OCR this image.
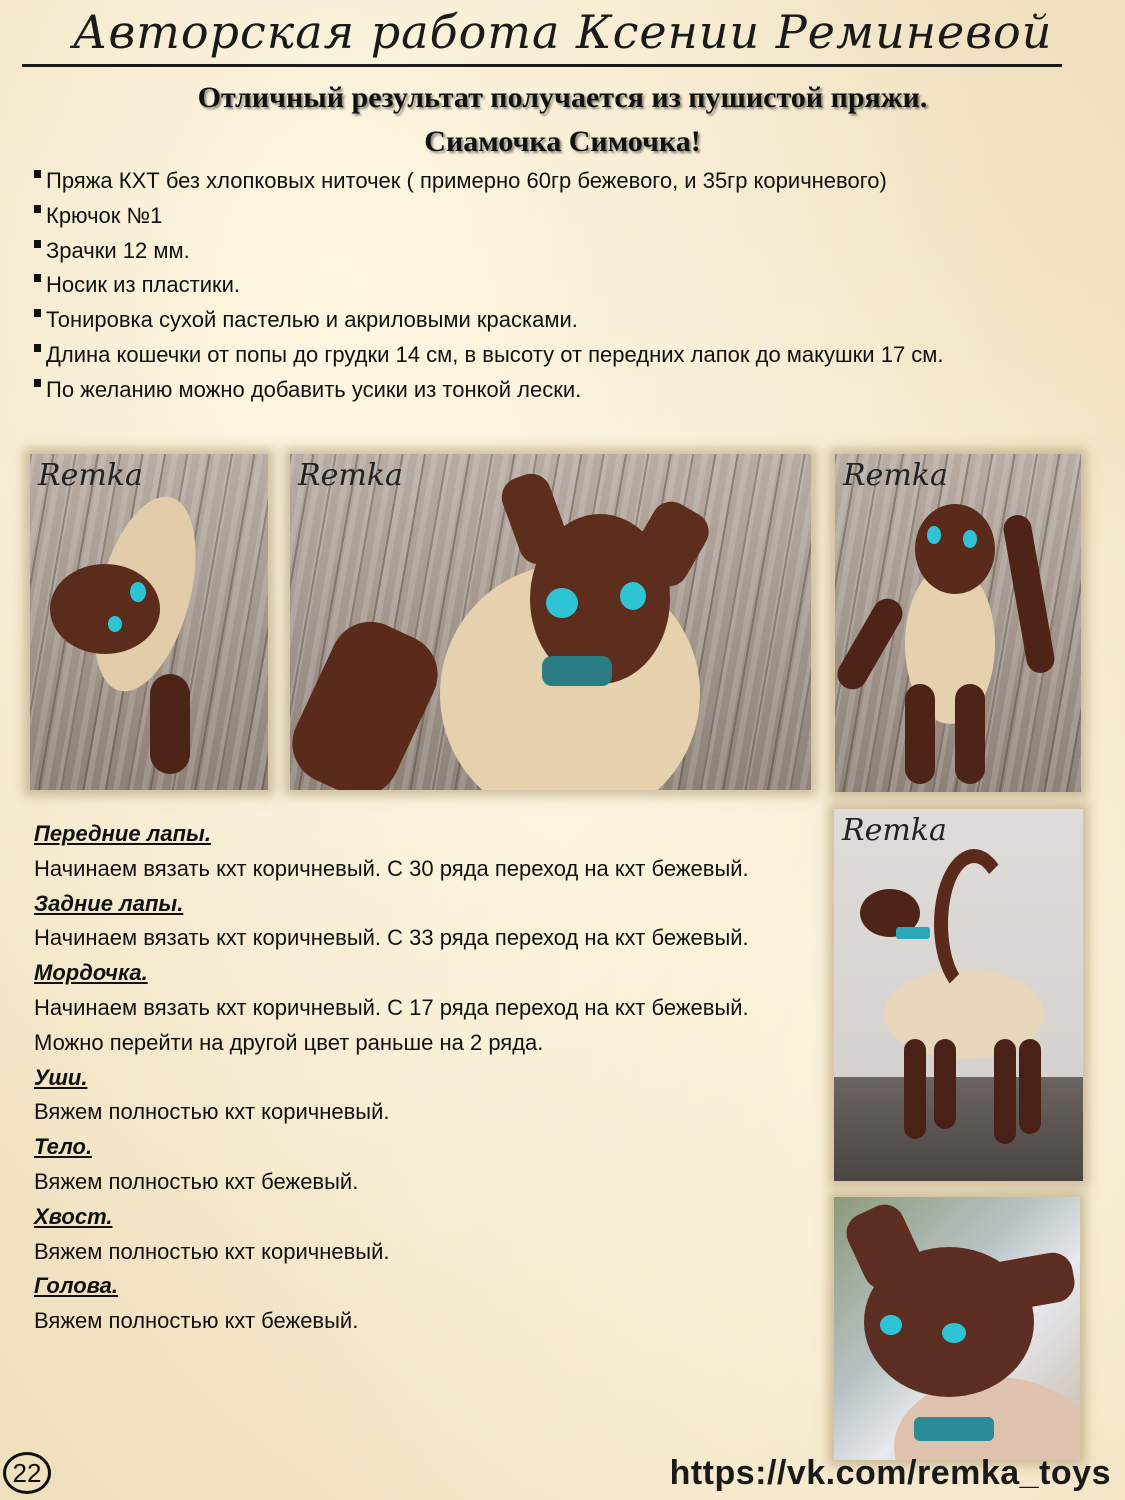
Авторская работа Ксении Реминевой
Отличный результат получается из пушистой пряжи.
Сиамочка Симочка!
Пряжа КХТ без хлопковых ниточек ( примерно 60гр бежевого, и 35гр коричневого)
Крючок №1
Зрачки 12 мм.
Носик из пластики.
Тонировка сухой пастелью и акриловыми красками.
Длина кошечки от попы до грудки 14 см, в высоту от передних лапок до макушки 17 см.
По желанию можно добавить усики из тонкой лески.
Remka	Remka	Remka
Remka
Передние лапы.
Начинаем вязать кхт коричневый. С 30 ряда переход на кхт бежевый.
Задние лапы.
Начинаем вязать кхт коричневый. С 33 ряда переход на кхт бежевый.
Мордочка.
Начинаем вязать кхт коричневый. С 17 ряда переход на кхт бежевый. Можно перейти на другой цвет раньше на 2 ряда.
Уши.
Вяжем полностью кхт коричневый.
Тело.
Вяжем полностью кхт бежевый.
Хвост.
Вяжем полностью кхт коричневый.
Голова.
Вяжем полностью кхт бежевый.
22	https://vk.com/remka_toys
